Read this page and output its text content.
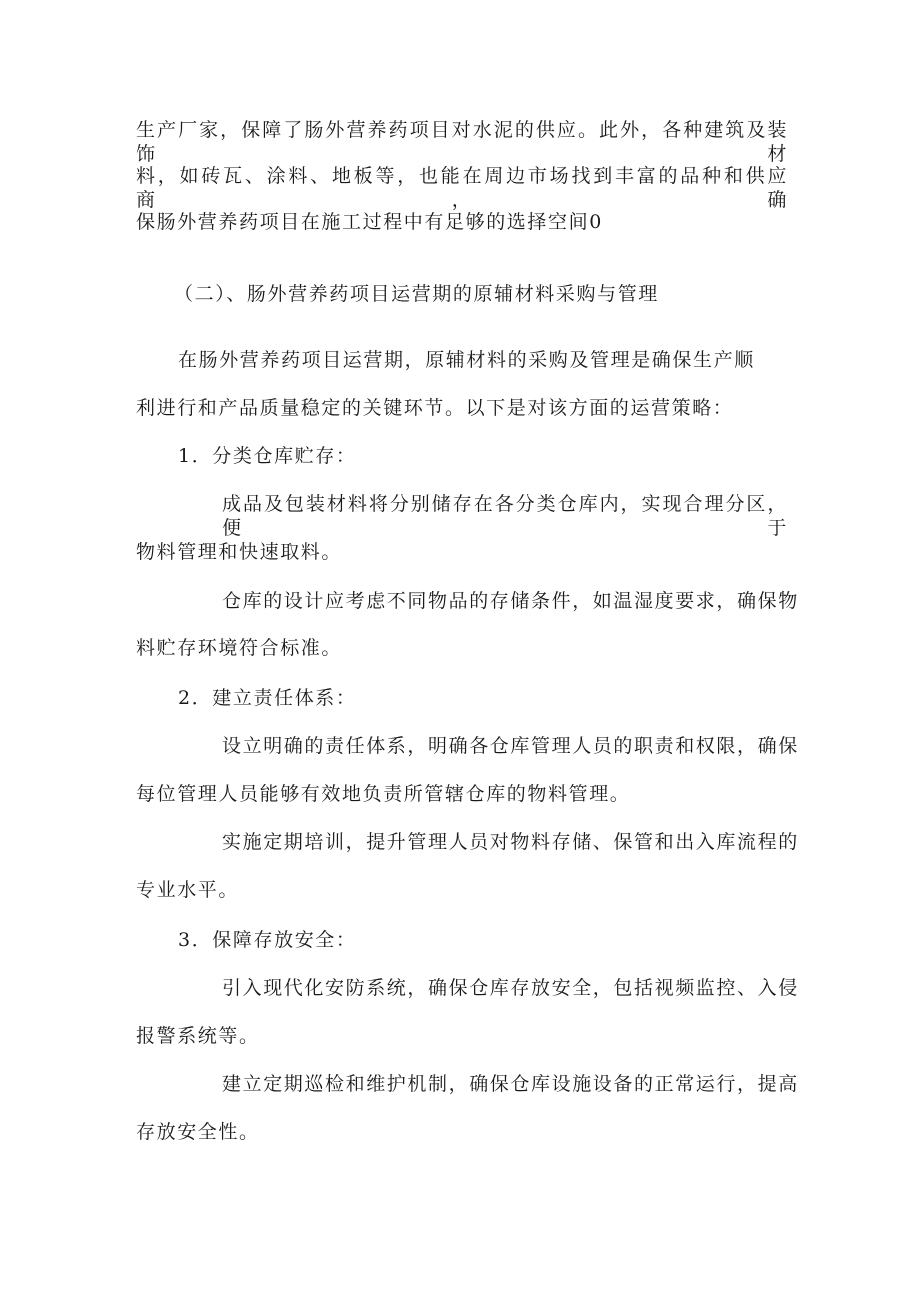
生产厂家，保障了肠外营养药项目对水泥的供应。此外，各种建筑及装饰材
料，如砖瓦、涂料、地板等，也能在周边市场找到丰富的品种和供应商，确
保肠外营养药项目在施工过程中有足够的选择空间0
（二）、肠外营养药项目运营期的原辅材料采购与管理
在肠外营养药项目运营期，原辅材料的采购及管理是确保生产顺
利进行和产品质量稳定的关键环节。以下是对该方面的运营策略：
1．分类仓库贮存：
成品及包装材料将分别储存在各分类仓库内，实现合理分区，便于
物料管理和快速取料。
仓库的设计应考虑不同物品的存储条件，如温湿度要求，确保物
料贮存环境符合标准。
2．建立责任体系：
设立明确的责任体系，明确各仓库管理人员的职责和权限，确保
每位管理人员能够有效地负责所管辖仓库的物料管理。
实施定期培训，提升管理人员对物料存储、保管和出入库流程的
专业水平。
3．保障存放安全：
引入现代化安防系统，确保仓库存放安全，包括视频监控、入侵
报警系统等。
建立定期巡检和维护机制，确保仓库设施设备的正常运行，提高
存放安全性。
